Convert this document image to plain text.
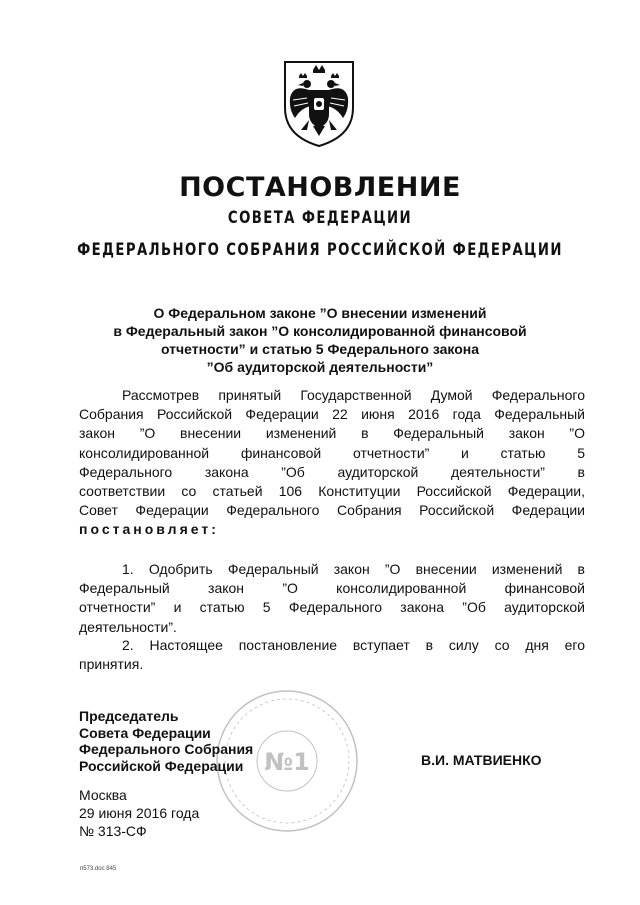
ПОСТАНОВЛЕНИЕ
СОВЕТА ФЕДЕРАЦИИ
ФЕДЕРАЛЬНОГО СОБРАНИЯ РОССИЙСКОЙ ФЕДЕРАЦИИ
О Федеральном законе ”О внесении изменений
в Федеральный закон ”О консолидированной финансовой
отчетности” и статью 5 Федерального закона
”Об аудиторской деятельности”
Рассмотрев принятый Государственной Думой Федерального
Собрания Российской Федерации 22 июня 2016 года Федеральный
закон ”О внесении изменений в Федеральный закон ”О
консолидированной финансовой отчетности” и статью 5
Федерального закона ”Об аудиторской деятельности” в
соответствии со статьей 106 Конституции Российской Федерации,
Совет Федерации Федерального Собрания Российской Федерации
постановляет:
1. Одобрить Федеральный закон ”О внесении изменений в
Федеральный закон ”О консолидированной финансовой
отчетности” и статью 5 Федерального закона ”Об аудиторской
деятельности”.
2. Настоящее постановление вступает в силу со дня его
принятия.
№1
Председатель
Совета Федерации
Федерального Собрания
Российской Федерации	В.И. МАТВИЕНКО
Москва
29 июня 2016 года
№ 313-СФ
п573.doc 845
